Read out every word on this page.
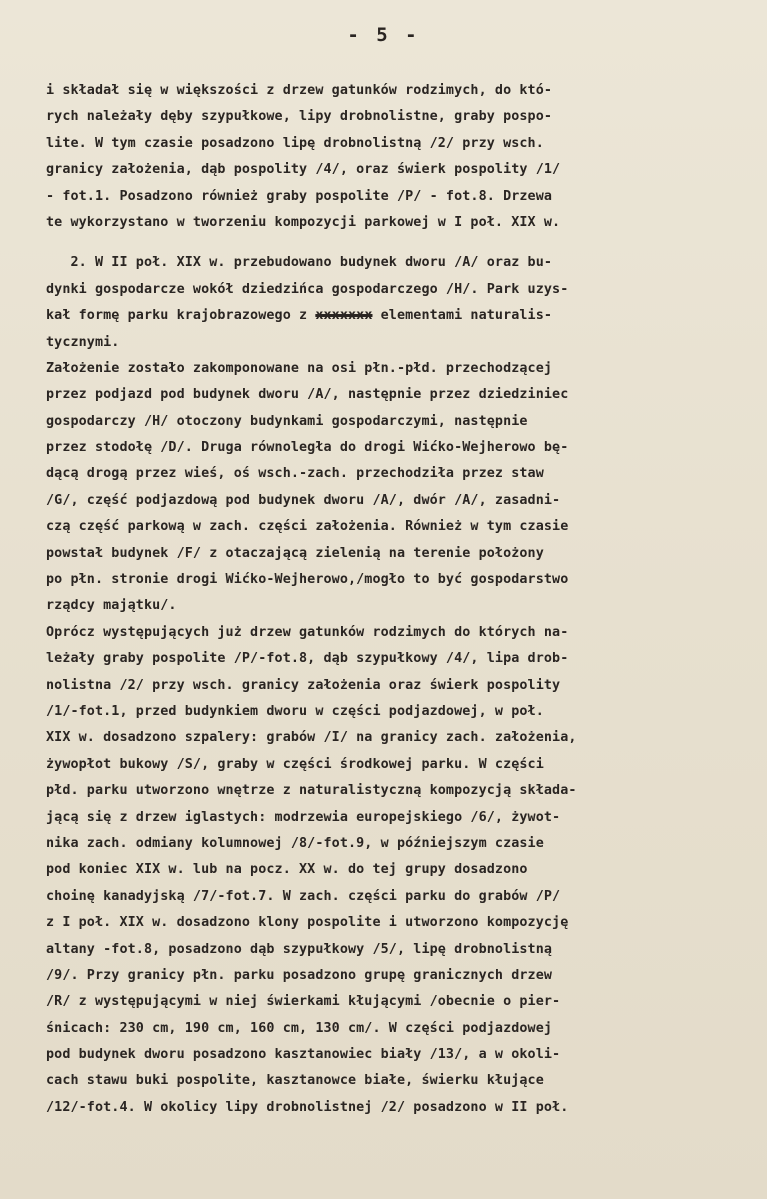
- 5 -
i składał się w większości z drzew gatunków rodzimych, do któ-
rych należały dęby szypułkowe, lipy drobnolistne, graby pospo-
lite. W tym czasie posadzono lipę drobnolistną /2/ przy wsch.
granicy założenia, dąb pospolity /4/, oraz świerk pospolity /1/
- fot.1. Posadzono również graby pospolite /P/ - fot.8. Drzewa
te wykorzystano w tworzeniu kompozycji parkowej w I poł. XIX w.
2. W II poł. XIX w. przebudowano budynek dworu /A/ oraz bu-
dynki gospodarcze wokół dziedzińca gospodarczego /H/. Park uzys-
kał formę parku krajobrazowego z xxxxxxx elementami naturalis-
tycznymi.
Założenie zostało zakomponowane na osi płn.-płd. przechodzącej
przez podjazd pod budynek dworu /A/, następnie przez dziedziniec
gospodarczy /H/ otoczony budynkami gospodarczymi, następnie
przez stodołę /D/. Druga równoległa do drogi Wićko-Wejherowo bę-
dącą drogą przez wieś, oś wsch.-zach. przechodziła przez staw
/G/, część podjazdową pod budynek dworu /A/, dwór /A/, zasadni-
czą część parkową w zach. części założenia. Również w tym czasie
powstał budynek /F/ z otaczającą zielenią na terenie położony
po płn. stronie drogi Wićko-Wejherowo,/mogło to być gospodarstwo
rządcy majątku/.
Oprócz występujących już drzew gatunków rodzimych do których na-
leżały graby pospolite /P/-fot.8, dąb szypułkowy /4/, lipa drob-
nolistna /2/ przy wsch. granicy założenia oraz świerk pospolity
/1/-fot.1, przed budynkiem dworu w części podjazdowej, w poł.
XIX w. dosadzono szpalery: grabów /I/ na granicy zach. założenia,
żywopłot bukowy /S/, graby w części środkowej parku. W części
płd. parku utworzono wnętrze z naturalistyczną kompozycją składa-
jącą się z drzew iglastych: modrzewia europejskiego /6/, żywot-
nika zach. odmiany kolumnowej /8/-fot.9, w późniejszym czasie
pod koniec XIX w. lub na pocz. XX w. do tej grupy dosadzono
choinę kanadyjską /7/-fot.7. W zach. części parku do grabów /P/
z I poł. XIX w. dosadzono klony pospolite i utworzono kompozycję
altany -fot.8, posadzono dąb szypułkowy /5/, lipę drobnolistną
/9/. Przy granicy płn. parku posadzono grupę granicznych drzew
/R/ z występującymi w niej świerkami kłującymi /obecnie o pier-
śnicach: 230 cm, 190 cm, 160 cm, 130 cm/. W części podjazdowej
pod budynek dworu posadzono kasztanowiec biały /13/, a w okoli-
cach stawu buki pospolite, kasztanowce białe, świerku kłujące
/12/-fot.4. W okolicy lipy drobnolistnej /2/ posadzono w II poł.
